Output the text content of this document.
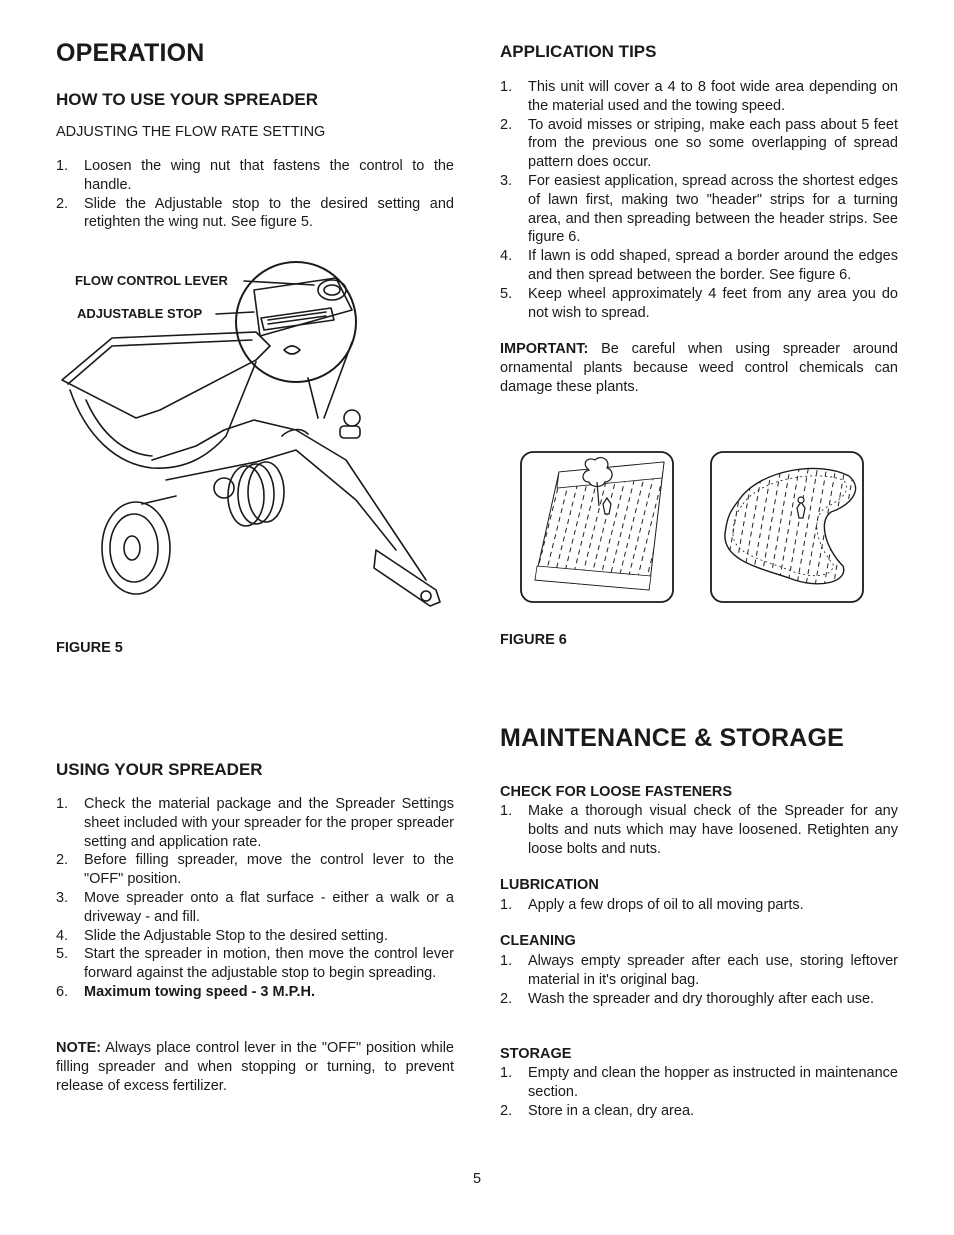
OPERATION
HOW TO USE YOUR SPREADER
ADJUSTING THE FLOW RATE SETTING
1. Loosen the wing nut that fastens the control to the handle.
2. Slide the Adjustable stop to the desired setting and retighten the wing nut. See figure 5.
FLOW CONTROL LEVER
ADJUSTABLE STOP
FIGURE 5
USING YOUR SPREADER
1. Check the material package and the Spreader Settings sheet included with your spreader for the proper spreader setting and application rate.
2. Before filling spreader, move the control lever to the "OFF" position.
3. Move spreader onto a flat surface - either a walk or a driveway - and fill.
4. Slide the Adjustable Stop to the desired setting.
5. Start the spreader in motion, then move the control lever forward against the adjustable stop to begin spreading.
6. Maximum towing speed - 3 M.P.H.

NOTE: Always place control lever in the "OFF" position while filling spreader and when stopping or turning, to prevent release of excess fertilizer.

APPLICATION TIPS
1. This unit will cover a 4 to 8 foot wide area depending on the material used and the towing speed.
2. To avoid misses or striping, make each pass about 5 feet from the previous one so some overlapping of spread pattern does occur.
3. For easiest application, spread across the shortest edges of lawn first, making two "header" strips for a turning area, and then spreading between the header strips. See figure 6.
4. If lawn is odd shaped, spread a border around the edges and then spread between the border. See figure 6.
5. Keep wheel approximately 4 feet from any area you do not wish to spread.

IMPORTANT: Be careful when using spreader around ornamental plants because weed control chemicals can damage these plants.

FIGURE 6
MAINTENANCE & STORAGE
CHECK FOR LOOSE FASTENERS
1. Make a thorough visual check of the Spreader for any bolts and nuts which may have loosened. Retighten any loose bolts and nuts.
LUBRICATION
1. Apply a few drops of oil to all moving parts.
CLEANING
1. Always empty spreader after each use, storing leftover material in it's original bag.
2. Wash the spreader and dry thoroughly after each use.
STORAGE
1. Empty and clean the hopper as instructed in maintenance section.
2. Store in a clean, dry area.
5
